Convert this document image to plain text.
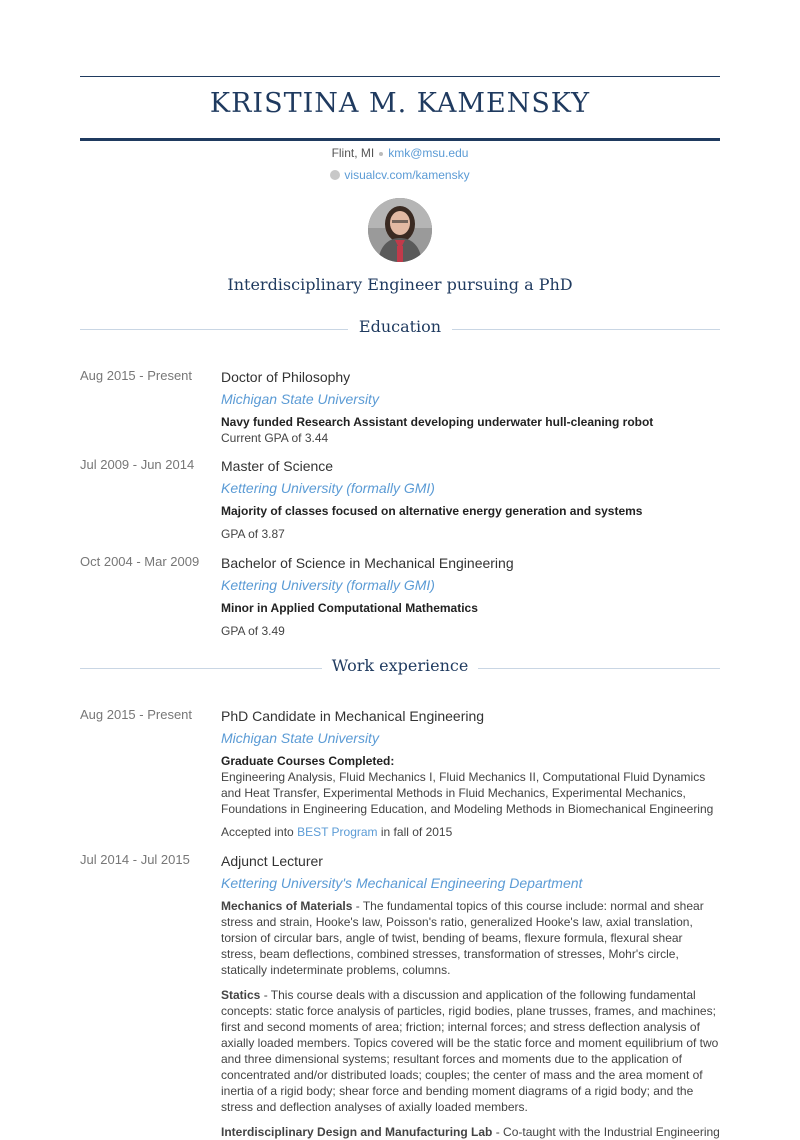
KRISTINA M. KAMENSKY
Flint, MI kmk@msu.edu
visualcv.com/kamensky
Interdisciplinary Engineer pursuing a PhD
Education
Aug 2015 - Present Doctor of Philosophy
Michigan State University
Navy funded Research Assistant developing underwater hull-cleaning robot
Current GPA of 3.44
Jul 2009 - Jun 2014 Master of Science
Kettering University (formally GMI)
Majority of classes focused on alternative energy generation and systems
GPA of 3.87
Oct 2004 - Mar 2009 Bachelor of Science in Mechanical Engineering
Kettering University (formally GMI)
Minor in Applied Computational Mathematics
GPA of 3.49
Work experience
Aug 2015 - Present PhD Candidate in Mechanical Engineering
Michigan State University
Graduate Courses Completed:
Engineering Analysis, Fluid Mechanics I, Fluid Mechanics II, Computational Fluid Dynamics and Heat Transfer, Experimental Methods in Fluid Mechanics, Experimental Mechanics, Foundations in Engineering Education, and Modeling Methods in Biomechanical Engineering
Accepted into BEST Program in fall of 2015
Jul 2014 - Jul 2015 Adjunct Lecturer
Kettering University's Mechanical Engineering Department
Mechanics of Materials - The fundamental topics of this course include: normal and shear stress and strain, Hooke's law, Poisson's ratio, generalized Hooke's law, axial translation, torsion of circular bars, angle of twist, bending of beams, flexure formula, flexural shear stress, beam deflections, combined stresses, transformation of stresses, Mohr's circle, statically indeterminate problems, columns.
Statics - This course deals with a discussion and application of the following fundamental concepts: static force analysis of particles, rigid bodies, plane trusses, frames, and machines; first and second moments of area; friction; internal forces; and stress deflection analysis of axially loaded members. Topics covered will be the static force and moment equilibrium of two and three dimensional systems; resultant forces and moments due to the application of concentrated and/or distributed loads; couples; the center of mass and the area moment of inertia of a rigid body; shear force and bending moment diagrams of a rigid body; and the stress and deflection analyses of axially loaded members.
Interdisciplinary Design and Manufacturing Lab - Co-taught with the Industrial Engineering
